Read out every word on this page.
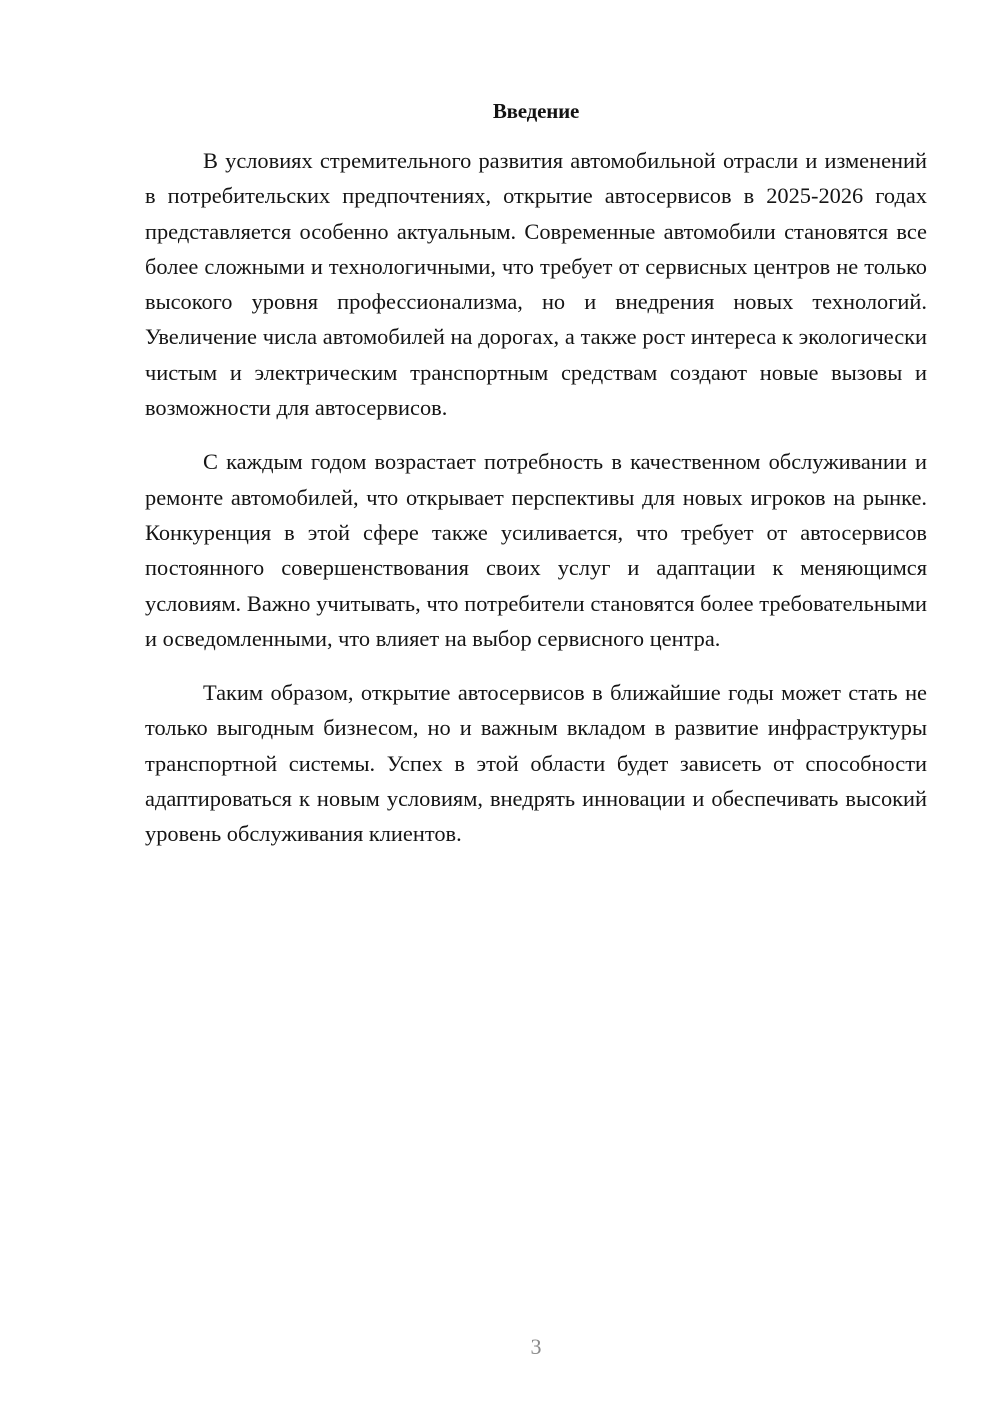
Введение

В условиях стремительного развития автомобильной отрасли и изменений в потребительских предпочтениях, открытие автосервисов в 2025-2026 годах представляется особенно актуальным. Современные автомобили становятся все более сложными и технологичными, что требует от сервисных центров не только высокого уровня профессионализма, но и внедрения новых технологий. Увеличение числа автомобилей на дорогах, а также рост интереса к экологически чистым и электрическим транспортным средствам создают новые вызовы и возможности для автосервисов.

С каждым годом возрастает потребность в качественном обслуживании и ремонте автомобилей, что открывает перспективы для новых игроков на рынке. Конкуренция в этой сфере также усиливается, что требует от автосервисов постоянного совершенствования своих услуг и адаптации к меняющимся условиям. Важно учитывать, что потребители становятся более требовательными и осведомленными, что влияет на выбор сервисного центра.

Таким образом, открытие автосервисов в ближайшие годы может стать не только выгодным бизнесом, но и важным вкладом в развитие инфраструктуры транспортной системы. Успех в этой области будет зависеть от способности адаптироваться к новым условиям, внедрять инновации и обеспечивать высокий уровень обслуживания клиентов.

3
